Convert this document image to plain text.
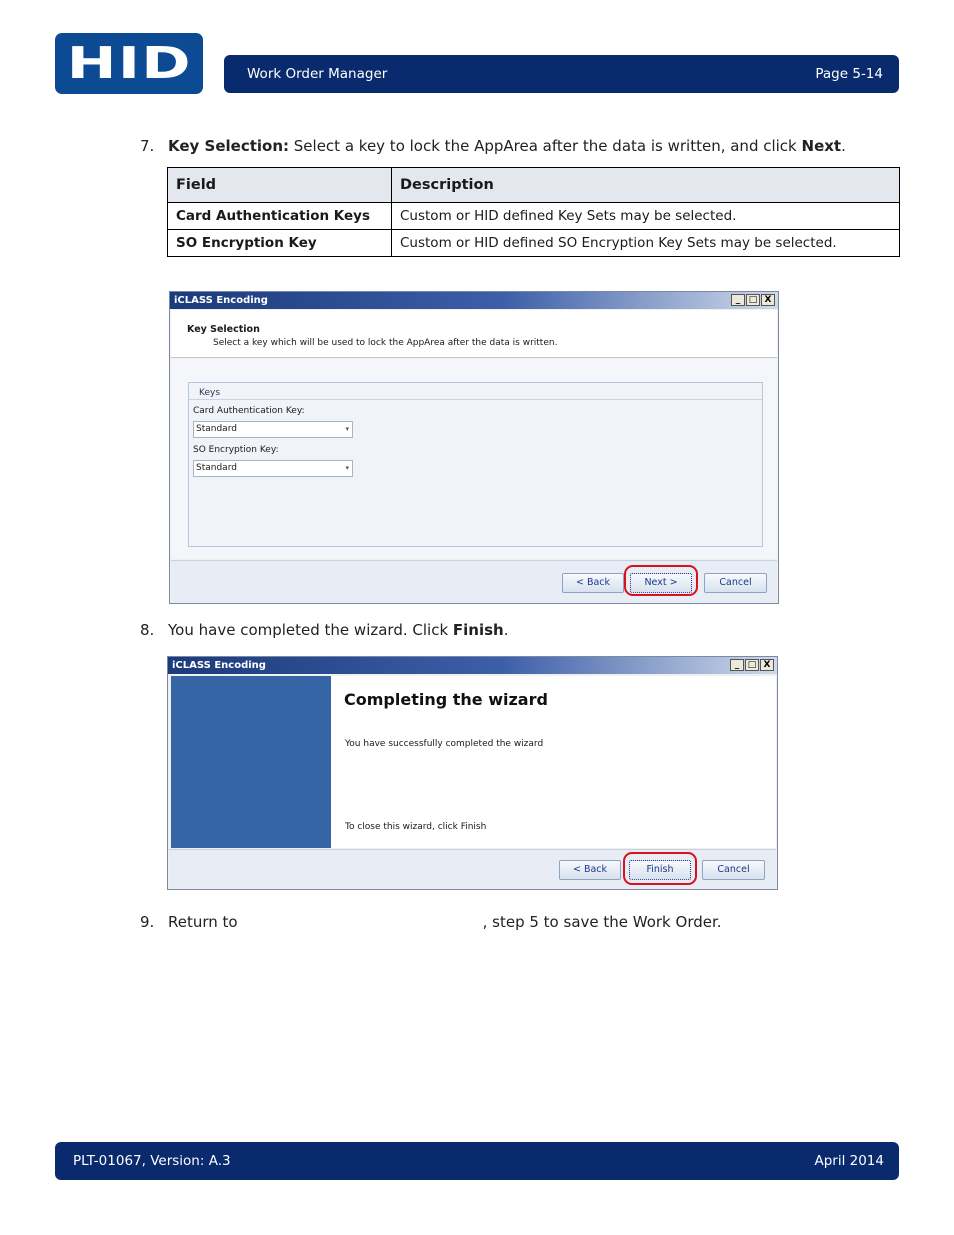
HID	Work Order Manager	Page 5-14
7. Key Selection: Select a key to lock the AppArea after the data is written, and click Next.
Field	Description
Card Authentication Keys	Custom or HID defined Key Sets may be selected.
SO Encryption Key	Custom or HID defined SO Encryption Key Sets may be selected.
iCLASS Encoding	_ □ X
Key Selection
Select a key which will be used to lock the AppArea after the data is written.
Keys
Card Authentication Key:
Standard	▾
SO Encryption Key:
Standard	▾
< Back	Next >	Cancel
8. You have completed the wizard. Click Finish.
iCLASS Encoding	_ □ X
Completing the wizard
You have successfully completed the wizard
To close this wizard, click Finish
< Back	Finish	Cancel
9. Return to	, step 5 to save the Work Order.
PLT-01067, Version: A.3	April 2014
